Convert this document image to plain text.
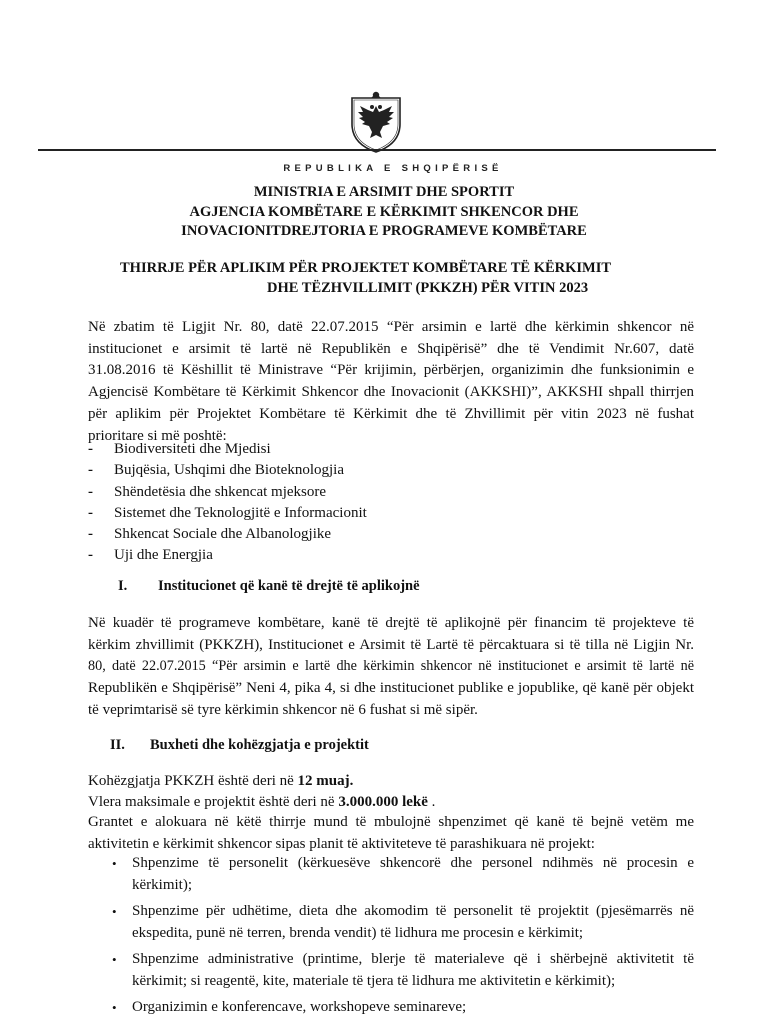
REPUBLIKA E SHQIPËRISË
MINISTRIA E ARSIMIT DHE SPORTIT
AGJENCIA KOMBËTARE E KËRKIMIT SHKENCOR DHE
INOVACIONITDREJTORIA E PROGRAMEVE KOMBËTARE
THIRRJE PËR APLIKIM PËR PROJEKTET KOMBËTARE TË KËRKIMIT
DHE TËZHVILLIMIT (PKKZH) PËR VITIN 2023
Në zbatim të Ligjit Nr. 80, datë 22.07.2015 “Për arsimin e lartë dhe kërkimin shkencor në
institucionet e arsimit të lartë në Republikën e Shqipërisë” dhe të Vendimit Nr.607, datë
31.08.2016 të Këshillit të Ministrave “Për krijimin, përbërjen, organizimin dhe funksionimin e
Agjencisë Kombëtare të Kërkimit Shkencor dhe Inovacionit (AKKSHI)”, AKKSHI shpall thirrjen
për aplikim për Projektet Kombëtare të Kërkimit dhe të Zhvillimit për vitin 2023 në fushat
prioritare si më poshtë:
-	Biodiversiteti dhe Mjedisi
-	Bujqësia, Ushqimi dhe Bioteknologjia
-	Shëndetësia dhe shkencat mjeksore
-	Sistemet dhe Teknologjitë e Informacionit
-	Shkencat Sociale dhe Albanologjike
-	Uji dhe Energjia
I. Institucionet që kanë të drejtë të aplikojnë
Në kuadër të programeve kombëtare, kanë të drejtë të aplikojnë për financim të projekteve të
kërkim zhvillimit (PKKZH), Institucionet e Arsimit të Lartë të përcaktuara si të tilla në Ligjin Nr.
80, datë 22.07.2015 “Për arsimin e lartë dhe kërkimin shkencor në institucionet e arsimit të lartë në
Republikën e Shqipërisë” Neni 4, pika 4, si dhe institucionet publike e jopublike, që kanë për objekt
të veprimtarisë së tyre kërkimin shkencor në 6 fushat si më sipër.
II. Buxheti dhe kohëzgjatja e projektit
Kohëzgjatja PKKZH është deri në 12 muaj.
Vlera maksimale e projektit është deri në 3.000.000 lekë .
Grantet e alokuara në këtë thirrje mund të mbulojnë shpenzimet që kanë të bejnë vetëm me
aktivitetin e kërkimit shkencor sipas planit të aktiviteteve të parashikuara në projekt:
•	Shpenzime të personelit (kërkuesëve shkencorë dhe personel ndihmës në procesin e
kërkimit);
•	Shpenzime për udhëtime, dieta dhe akomodim të personelit të projektit (pjesëmarrës në
ekspedita, punë në terren, brenda vendit) të lidhura me procesin e kërkimit;
•	Shpenzime administrative (printime, blerje të materialeve që i shërbejnë aktivitetit të
kërkimit; si reagentë, kite, materiale të tjera të lidhura me aktivitetin e kërkimit);
•	Organizimin e konferencave, workshopeve seminareve;
